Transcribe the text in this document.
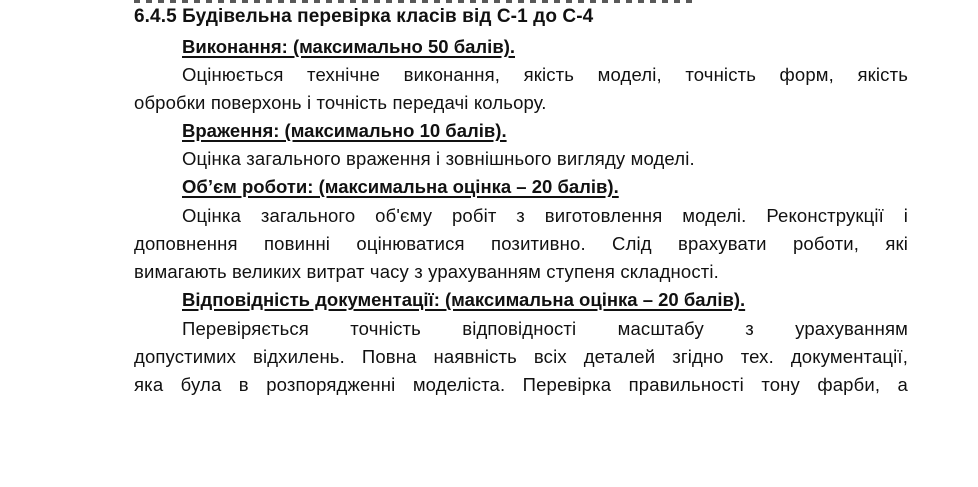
6.4.5 Будівельна перевірка класів від С-1 до С-4
Виконання: (максимально 50 балів).
Оцінюється технічне виконання, якість моделі, точність форм, якість
обробки поверхонь і точність передачі кольору.
Враження: (максимально 10 балів).
Оцінка загального враження і зовнішнього вигляду моделі.
Об’єм роботи: (максимальна оцінка – 20 балів).
Оцінка загального об'єму робіт з виготовлення моделі. Реконструкції і
доповнення повинні оцінюватися позитивно. Слід врахувати роботи, які
вимагають великих витрат часу з урахуванням ступеня складності.
Відповідність документації: (максимальна оцінка – 20 балів).
Перевіряється точність відповідності масштабу з урахуванням
допустимих відхилень. Повна наявність всіх деталей згідно тех. документації,
яка була в розпорядженні моделіста. Перевірка правильності тону фарби, а
